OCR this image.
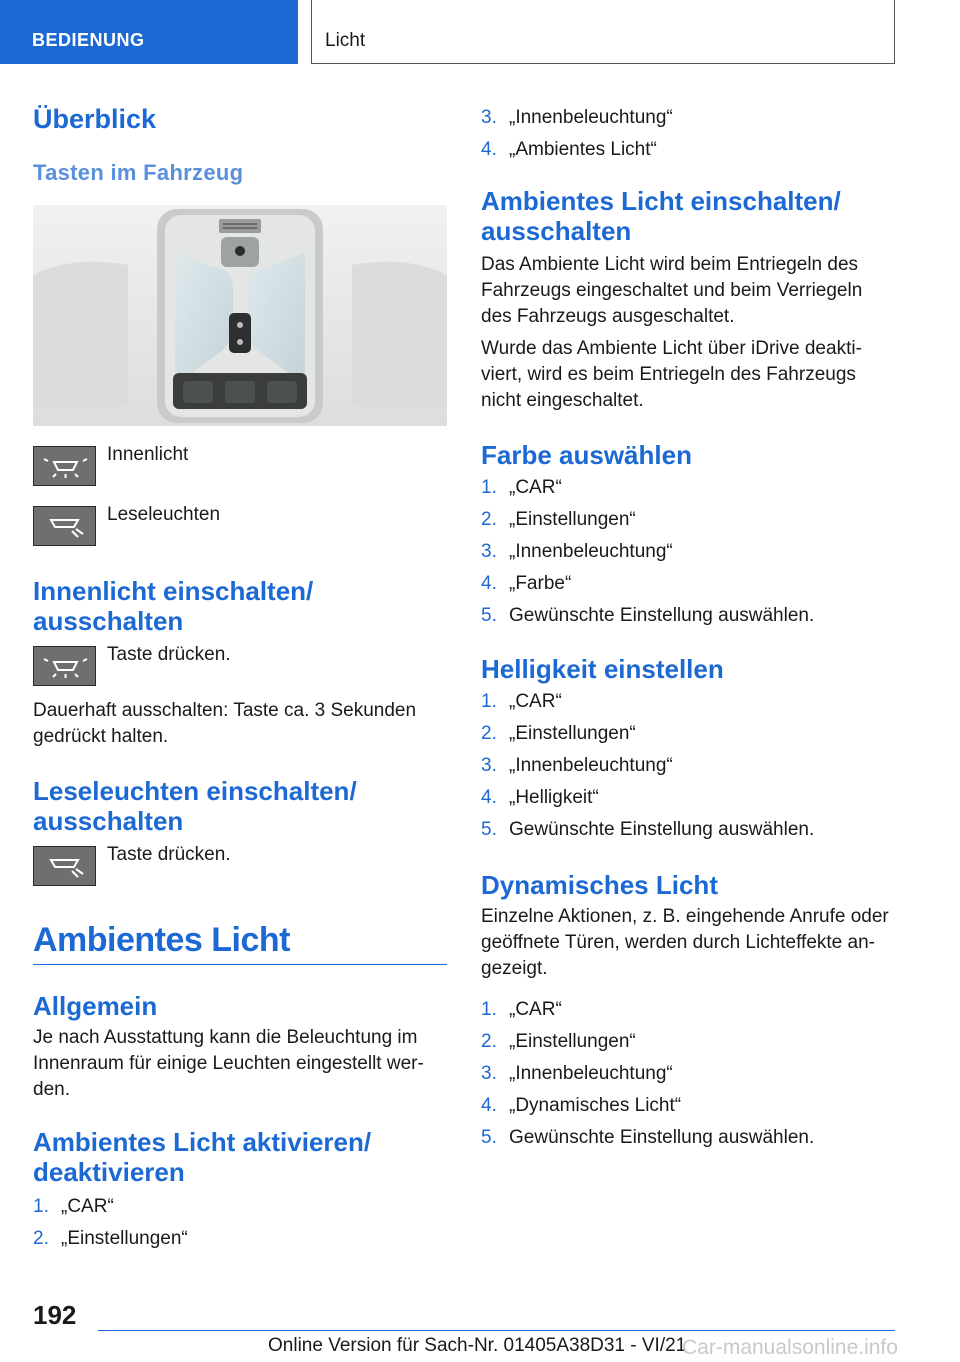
BEDIENUNG	Licht
Überblick
Tasten im Fahrzeug

Innenlicht

Leseleuchten

Innenlicht einschalten/ ausschalten

Taste drücken.

Dauerhaft ausschalten: Taste ca. 3 Sekunden gedrückt halten.

Leseleuchten einschalten/ ausschalten

Taste drücken.

Ambientes Licht
Allgemein

Je nach Ausstattung kann die Beleuchtung im Innenraum für einige Leuchten eingestellt wer- den.

Ambientes Licht aktivieren/ deaktivieren
1. „CAR“
2. „Einstellungen“
3. „Innenbeleuchtung“
4. „Ambientes Licht“
Ambientes Licht einschalten/ ausschalten

Das Ambiente Licht wird beim Entriegeln des Fahrzeugs eingeschaltet und beim Verriegeln des Fahrzeugs ausgeschaltet.

Wurde das Ambiente Licht über iDrive deakti- viert, wird es beim Entriegeln des Fahrzeugs nicht eingeschaltet.

Farbe auswählen
1. „CAR“
2. „Einstellungen“
3. „Innenbeleuchtung“
4. „Farbe“
5. Gewünschte Einstellung auswählen.
Helligkeit einstellen
1. „CAR“
2. „Einstellungen“
3. „Innenbeleuchtung“
4. „Helligkeit“
5. Gewünschte Einstellung auswählen.
Dynamisches Licht

Einzelne Aktionen, z. B. eingehende Anrufe oder geöffnete Türen, werden durch Lichteffekte an- gezeigt.

1. „CAR“
2. „Einstellungen“
3. „Innenbeleuchtung“
4. „Dynamisches Licht“
5. Gewünschte Einstellung auswählen.
192
Online Version für Sach-Nr. 01405A38D31 - VI/21
Car-manualsonline.info
